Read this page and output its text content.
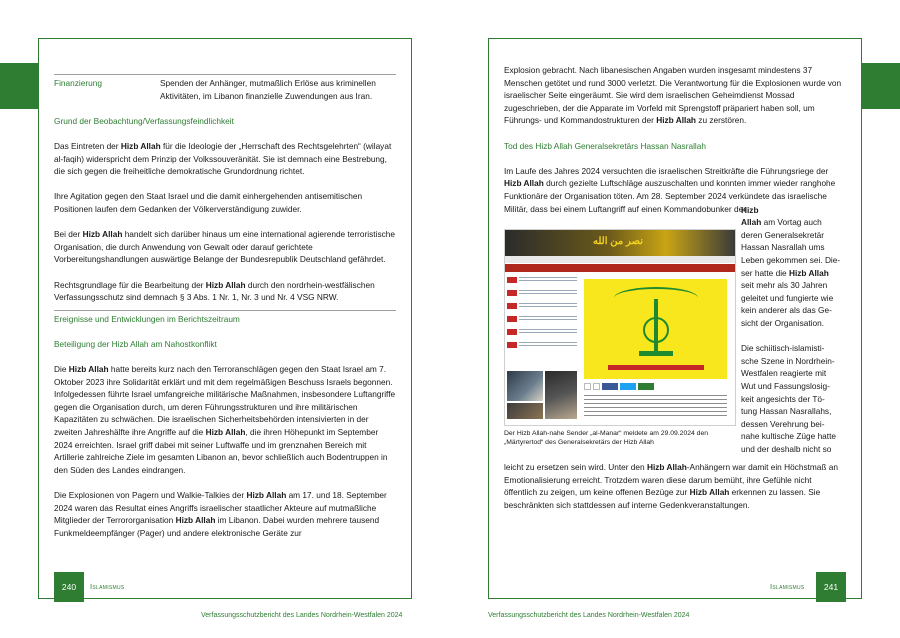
Finanzierung	Spenden der Anhänger, mutmaßlich Erlöse aus kriminellen Aktivitäten, im Libanon finanzielle Zuwendungen aus Iran.
Grund der Beobachtung/Verfassungsfeindlichkeit

Das Eintreten der Hizb Allah für die Ideologie der „Herrschaft des Rechtsgelehrten“ (wilayat al-faqih) widerspricht dem Prinzip der Volkssouveränität. Sie ist demnach eine Bestrebung, die sich gegen die freiheitliche demokratische Grundordnung richtet.

Ihre Agitation gegen den Staat Israel und die damit einhergehenden antisemitischen Positionen laufen dem Gedanken der Völkerverständigung zuwider.

Bei der Hizb Allah handelt sich darüber hinaus um eine international agierende terroristische Organisation, die durch Anwendung von Gewalt oder darauf gerichtete Vorbereitungshandlungen auswärtige Belange der Bundesrepublik Deutschland gefährdet.

Rechtsgrundlage für die Bearbeitung der Hizb Allah durch den nordrhein-westfälischen Verfassungsschutz sind demnach § 3 Abs. 1 Nr. 1, Nr. 3 und Nr. 4 VSG NRW.

Ereignisse und Entwicklungen im Berichtszeitraum
Beteiligung der Hizb Allah am Nahostkonflikt

Die Hizb Allah hatte bereits kurz nach den Terroranschlägen gegen den Staat Israel am 7. Oktober 2023 ihre Solidarität erklärt und mit dem regelmäßigen Beschuss Israels begonnen. Infolgedessen führte Israel umfangreiche militärische Maßnahmen, insbesondere Luftangriffe gegen die Organisation durch, um deren Führungsstrukturen und ihre militärischen Kapazitäten zu schwächen. Die israelischen Sicherheitsbehörden intensivierten in der zweiten Jahreshälfte ihre Angriffe auf die Hizb Allah, die ihren Höhepunkt im September 2024 erreichten. Israel griff dabei mit seiner Luftwaffe und im grenznahen Bereich mit Artillerie zahlreiche Ziele im gesamten Libanon an, bevor schließlich auch Bodentruppen in den Süden des Landes eindrangen.

Die Explosionen von Pagern und Walkie-Talkies der Hizb Allah am 17. und 18. September 2024 waren das Resultat eines Angriffs israelischer staatlicher Akteure auf mutmaßliche Mitglieder der Terrororganisation Hizb Allah im Libanon. Dabei wurden mehrere tausend Funkmeldeempfänger (Pager) und andere elektronische Geräte zur

240	Islamismus
Verfassungsschutzbericht des Landes Nordrhein-Westfalen 2024

Explosion gebracht. Nach libanesischen Angaben wurden insgesamt mindestens 37 Menschen getötet und rund 3000 verletzt. Die Verantwortung für die Explosionen wurde von israelischer Seite eingeräumt. Sie wird dem israelischen Geheimdienst Mossad zugeschrieben, der die Apparate im Vorfeld mit Sprengstoff präpariert haben soll, um Führungs- und Kommandostrukturen der Hizb Allah zu zerstören.

Tod des Hizb Allah Generalsekretärs Hassan Nasrallah
Im Laufe des Jahres 2024 versuchten die israelischen Streitkräfte die Führungsriege der Hizb Allah durch gezielte Luftschläge auszuschalten und konnten immer wieder ranghohe Funktionäre der Organisation töten. Am 28. September 2024 verkündete das israelische Militär, dass bei einem Luftangriff auf einen Kommandobunker der
Hizb
Allah am Vortag auch
deren Generalsekretär
Hassan Nasrallah ums
Leben gekommen sei. Die-
ser hatte die Hizb Allah
seit mehr als 30 Jahren
geleitet und fungierte wie
kein anderer als das Ge-
sicht der Organisation.
Die schiitisch-islamisti-
sche Szene in Nordrhein-
Westfalen reagierte mit
Wut und Fassungslosig-
keit angesichts der Tö-
tung Hassan Nasrallahs,
dessen Verehrung bei-
nahe kultische Züge hatte
und der deshalb nicht so
leicht zu ersetzen sein wird. Unter den Hizb Allah-Anhängern war damit ein Höchstmaß an Emotionalisierung erreicht. Trotzdem waren diese darum bemüht, ihre Gefühle nicht öffentlich zu zeigen, um keine offenen Bezüge zur Hizb Allah erkennen zu lassen. Sie beschränkten sich stattdessen auf interne Gedenkveranstaltungen.
نصر من الله
Der Hizb Allah-nahe Sender „al-Manar“ meldete am 29.09.2024 den „Märtyrertod“ des Generalsekretärs der Hizb Allah
241
Islamismus
Verfassungsschutzbericht des Landes Nordrhein-Westfalen 2024
